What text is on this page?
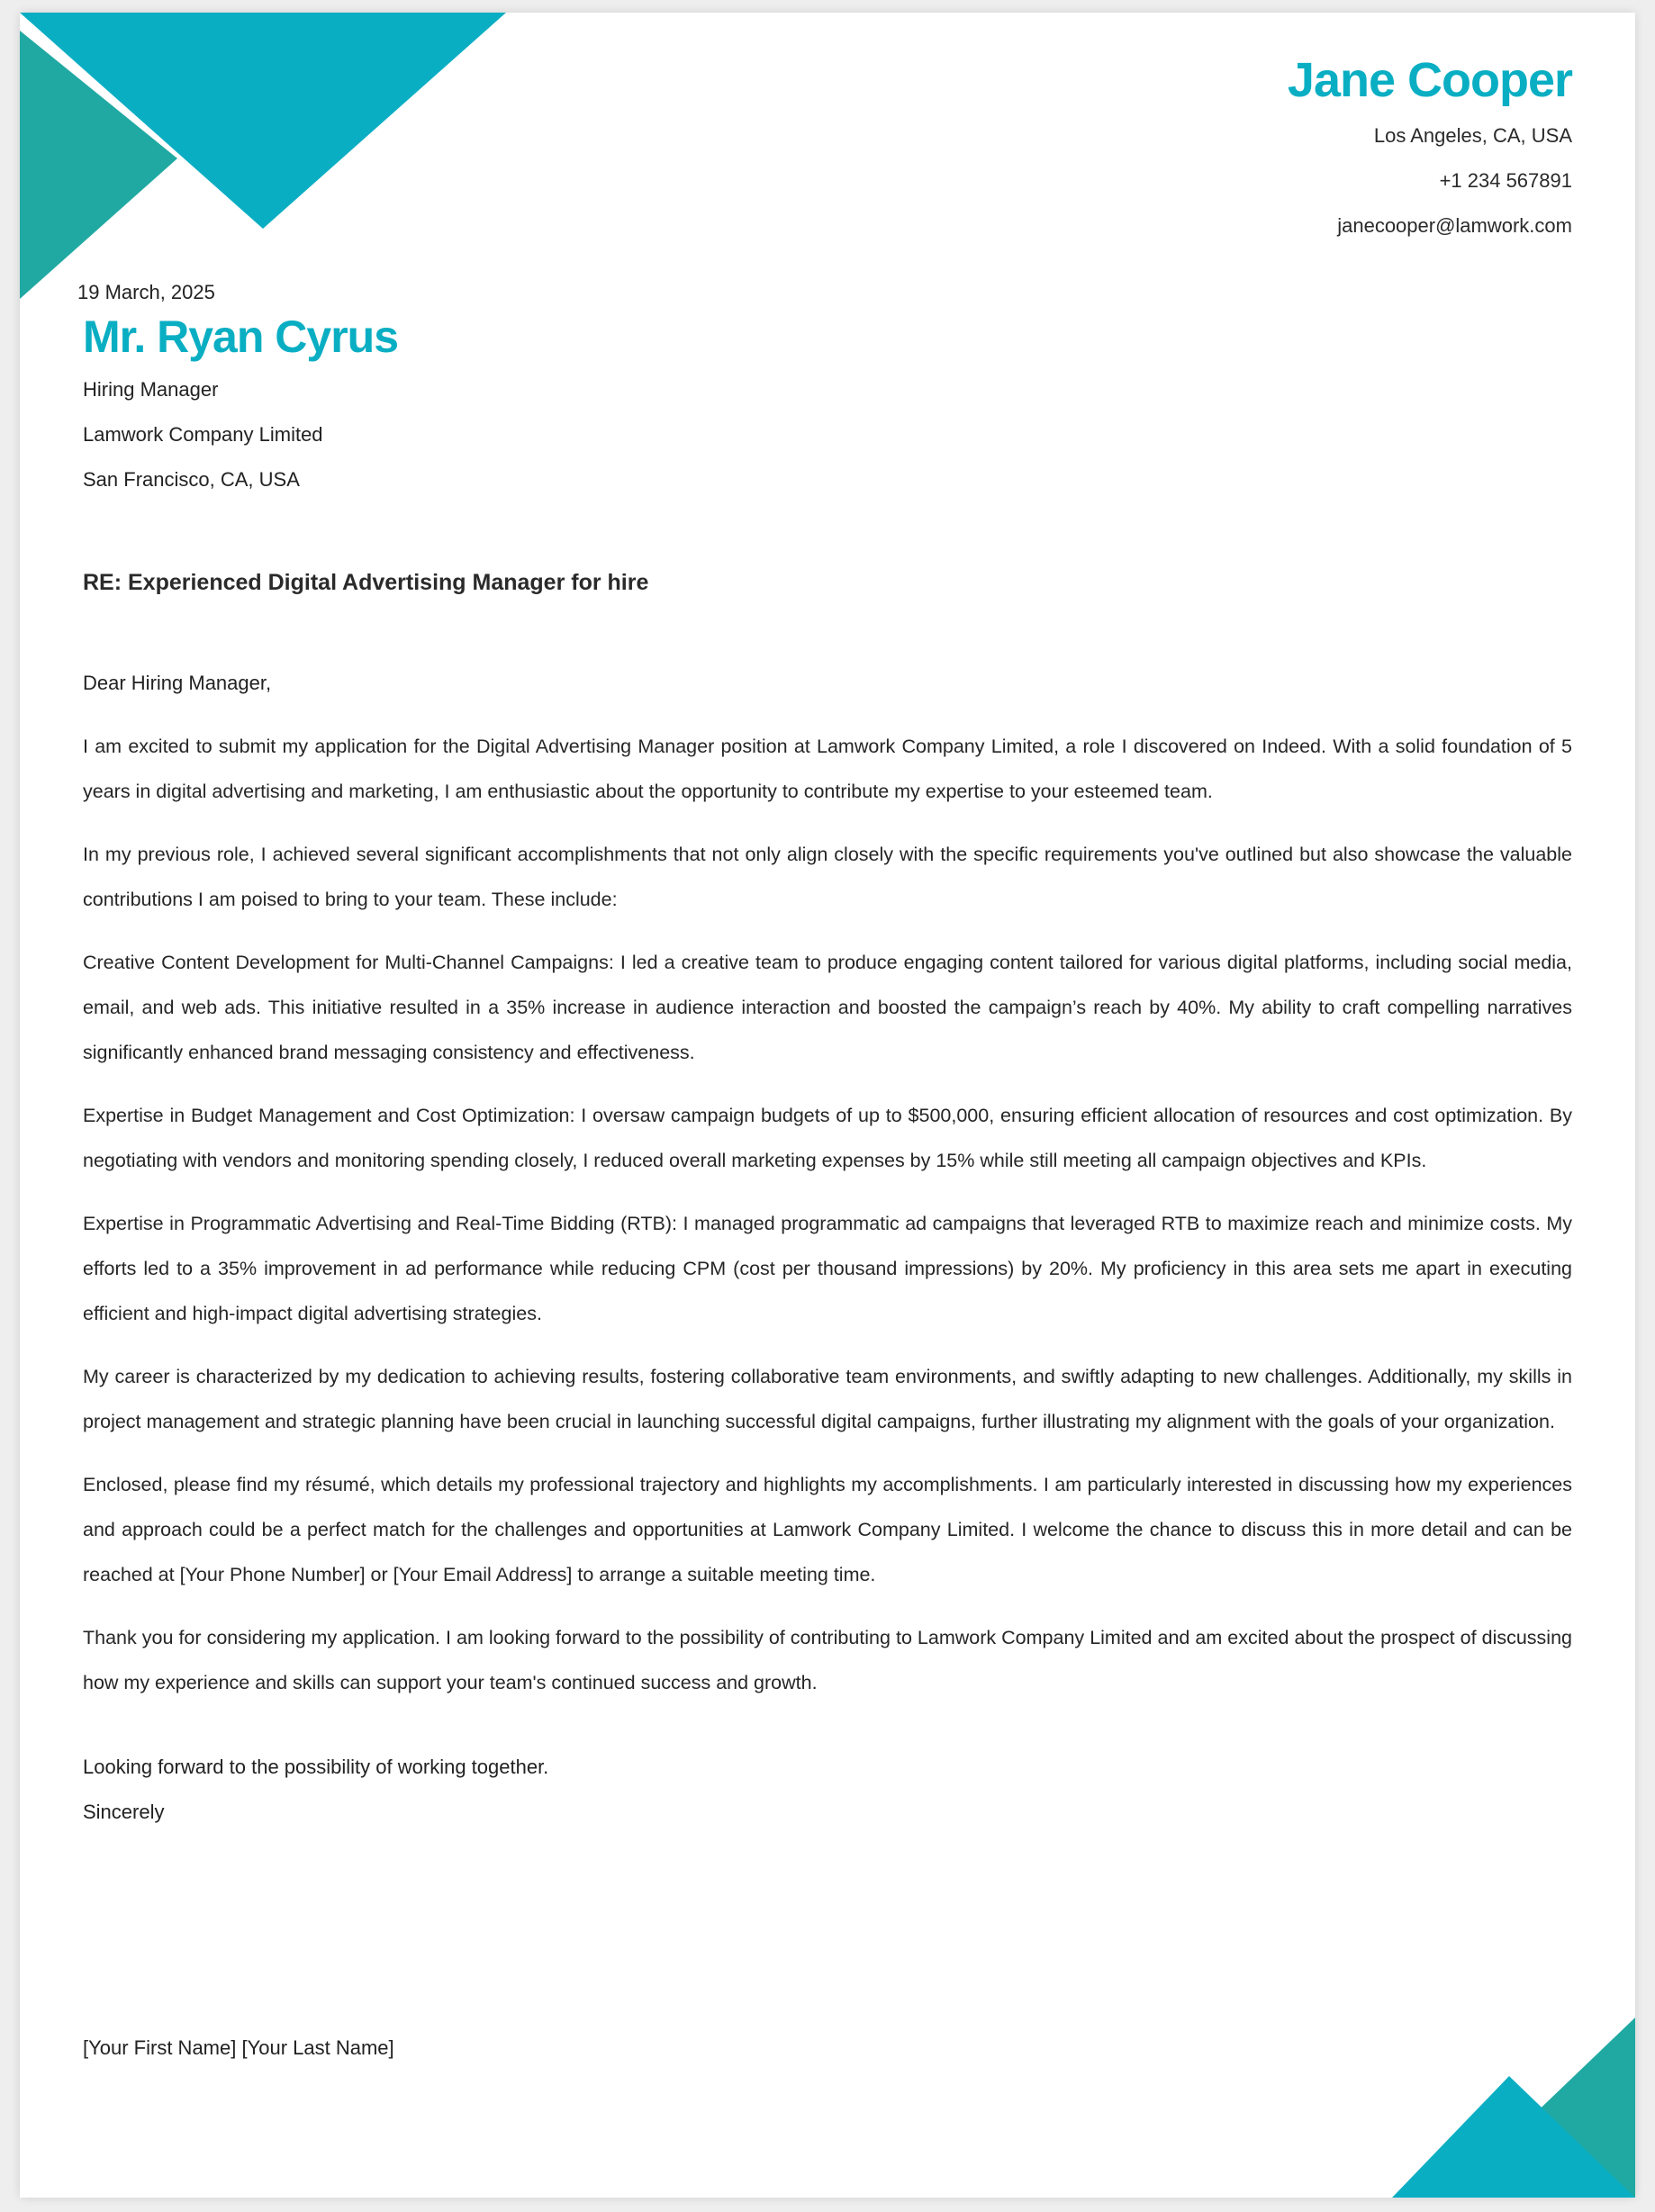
Jane Cooper
Los Angeles, CA, USA
+1 234 567891
janecooper@lamwork.com
19 March, 2025
Mr. Ryan Cyrus
Hiring Manager
Lamwork Company Limited
San Francisco, CA, USA
RE: Experienced Digital Advertising Manager for hire
Dear Hiring Manager,

I am excited to submit my application for the Digital Advertising Manager position at Lamwork Company Limited, a role I discovered on Indeed. With a solid foundation of 5 years in digital advertising and marketing, I am enthusiastic about the opportunity to contribute my expertise to your esteemed team.

In my previous role, I achieved several significant accomplishments that not only align closely with the specific requirements you've outlined but also showcase the valuable contributions I am poised to bring to your team. These include:

Creative Content Development for Multi-Channel Campaigns: I led a creative team to produce engaging content tailored for various digital platforms, including social media, email, and web ads. This initiative resulted in a 35% increase in audience interaction and boosted the campaign’s reach by 40%. My ability to craft compelling narratives significantly enhanced brand messaging consistency and effectiveness.

Expertise in Budget Management and Cost Optimization: I oversaw campaign budgets of up to $500,000, ensuring efficient allocation of resources and cost optimization. By negotiating with vendors and monitoring spending closely, I reduced overall marketing expenses by 15% while still meeting all campaign objectives and KPIs.

Expertise in Programmatic Advertising and Real-Time Bidding (RTB): I managed programmatic ad campaigns that leveraged RTB to maximize reach and minimize costs. My efforts led to a 35% improvement in ad performance while reducing CPM (cost per thousand impressions) by 20%. My proficiency in this area sets me apart in executing efficient and high-impact digital advertising strategies.

My career is characterized by my dedication to achieving results, fostering collaborative team environments, and swiftly adapting to new challenges. Additionally, my skills in project management and strategic planning have been crucial in launching successful digital campaigns, further illustrating my alignment with the goals of your organization.

Enclosed, please find my résumé, which details my professional trajectory and highlights my accomplishments. I am particularly interested in discussing how my experiences and approach could be a perfect match for the challenges and opportunities at Lamwork Company Limited. I welcome the chance to discuss this in more detail and can be reached at [Your Phone Number] or [Your Email Address] to arrange a suitable meeting time.

Thank you for considering my application. I am looking forward to the possibility of contributing to Lamwork Company Limited and am excited about the prospect of discussing how my experience and skills can support your team's continued success and growth.

Looking forward to the possibility of working together.
Sincerely
[Your First Name] [Your Last Name]
